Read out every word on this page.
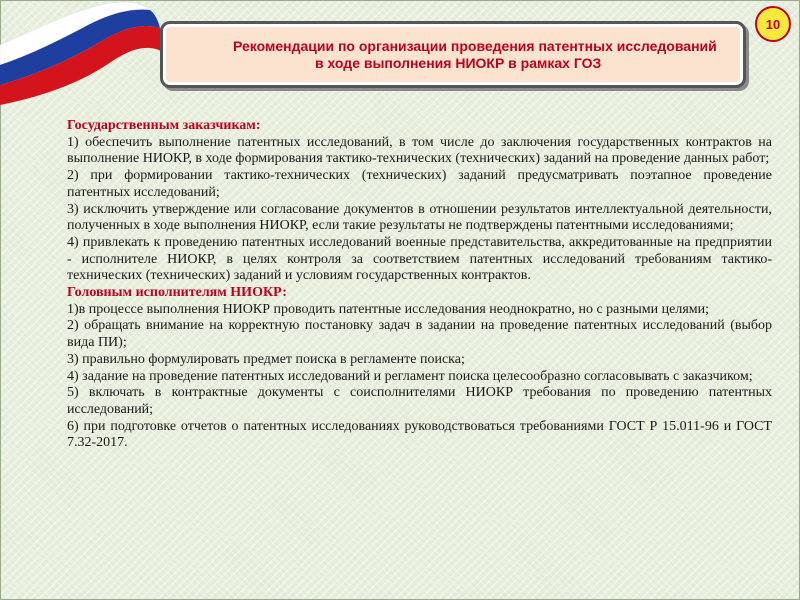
Рекомендации по организации проведения патентных исследований
в ходе выполнения НИОКР в рамках ГОЗ
10
Государственным заказчикам:
1) обеспечить выполнение патентных исследований, в том числе до заключения государственных контрактов на выполнение НИОКР, в ходе формирования тактико-технических (технических) заданий на проведение данных работ;
2) при формировании тактико-технических (технических) заданий предусматривать поэтапное проведение патентных исследований;
3) исключить утверждение или согласование документов в отношении результатов интеллектуальной деятельности, полученных в ходе выполнения НИОКР, если такие результаты не подтверждены патентными исследованиями;
4) привлекать к проведению патентных исследований военные представительства, аккредитованные на предприятии - исполнителе НИОКР, в целях контроля за соответствием патентных исследований требованиям тактико-технических (технических) заданий и условиям государственных контрактов.
Головным исполнителям НИОКР:
1)в процессе выполнения НИОКР проводить патентные исследования неоднократно, но с разными целями;
2) обращать внимание на корректную постановку задач в задании на проведение патентных исследований (выбор вида ПИ);
3) правильно формулировать предмет поиска в регламенте поиска;
4) задание на проведение патентных исследований и регламент поиска целесообразно согласовывать с заказчиком;
5) включать в контрактные документы с соисполнителями НИОКР требования по проведению патентных исследований;
6) при подготовке отчетов о патентных исследованиях руководствоваться требованиями ГОСТ Р 15.011-96 и ГОСТ 7.32-2017.
